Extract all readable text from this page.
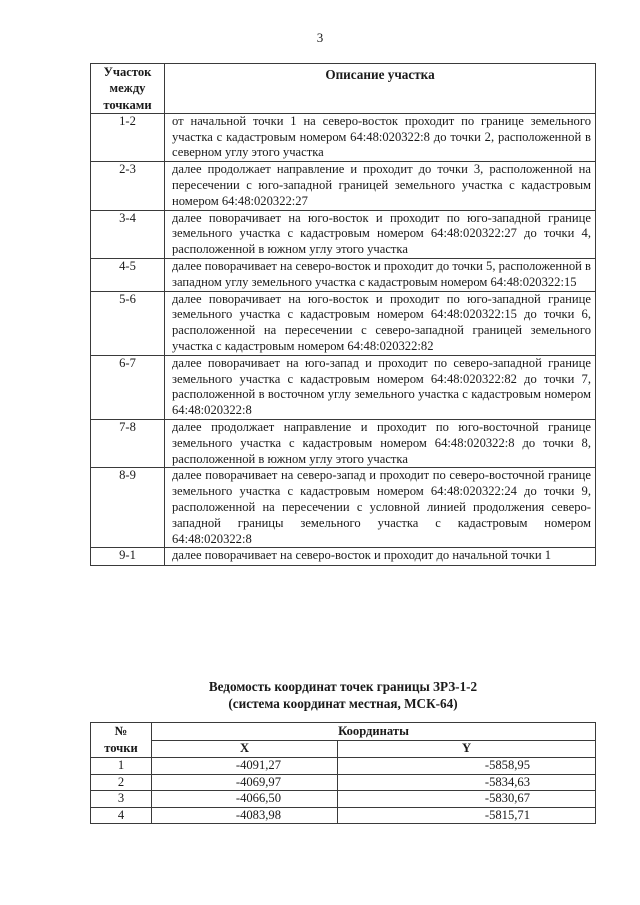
3
Участок между точками	Описание участка
1-2	от начальной точки 1 на северо-восток проходит по границе земельного участка с кадастровым номером 64:48:020322:8 до точки 2, расположенной в северном углу этого участка
2-3	далее продолжает направление и проходит до точки 3, расположенной на пересечении с юго-западной границей земельного участка с кадастровым номером 64:48:020322:27
3-4	далее поворачивает на юго-восток и проходит по юго-западной границе земельного участка с кадастровым номером 64:48:020322:27 до точки 4, расположенной в южном углу этого участка
4-5	далее поворачивает на северо-восток и проходит до точки 5, расположенной в западном углу земельного участка с кадастровым номером 64:48:020322:15
5-6	далее поворачивает на юго-восток и проходит по юго-западной границе земельного участка с кадастровым номером 64:48:020322:15 до точки 6, расположенной на пересечении с северо-западной границей земельного участка с кадастровым номером 64:48:020322:82
6-7	далее поворачивает на юго-запад и проходит по северо-западной границе земельного участка с кадастровым номером 64:48:020322:82 до точки 7, расположенной в восточном углу земельного участка с кадастровым номером 64:48:020322:8
7-8	далее продолжает направление и проходит по юго-восточной границе земельного участка с кадастровым номером 64:48:020322:8 до точки 8, расположенной в южном углу этого участка
8-9	далее поворачивает на северо-запад и проходит по северо-восточной границе земельного участка с кадастровым номером 64:48:020322:24 до точки 9, расположенной на пересечении с условной линией продолжения северо-западной границы земельного участка с кадастровым номером 64:48:020322:8
9-1	далее поворачивает на северо-восток и проходит до начальной точки 1
Ведомость координат точек границы ЗРЗ-1-2
(система координат местная, МСК-64)
№
точки	Координаты	
	X	Y
1	-4091,27	-5858,95
2	-4069,97	-5834,63
3	-4066,50	-5830,67
4	-4083,98	-5815,71
